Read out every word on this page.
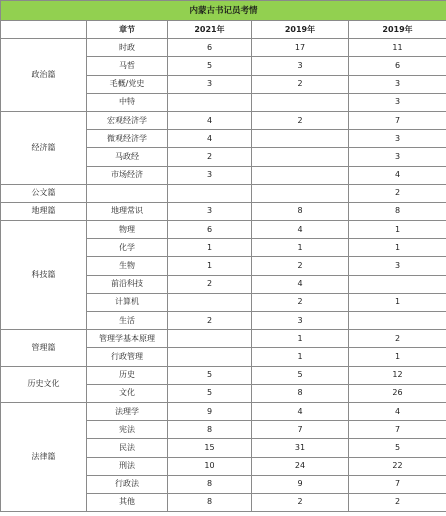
内蒙古书记员考情				
	章节	2021年	2019年	2019年
政治篇	时政	6	17	11
	马哲	5	3	6
	毛概/党史	3	2	3
	中特			3
经济篇	宏观经济学	4	2	7
	微观经济学	4		3
	马政经	2		3
	市场经济	3		4
公文篇				2
地理篇	地理常识	3	8	8
科技篇	物理	6	4	1
	化学	1	1	1
	生物	1	2	3
	前沿科技	2	4	
	计算机		2	1
	生活	2	3	
管理篇	管理学基本原理		1	2
	行政管理		1	1
历史文化	历史	5	5	12
	文化	5	8	26
法律篇	法理学	9	4	4
	宪法	8	7	7
	民法	15	31	5
	刑法	10	24	22
	行政法	8	9	7
	其他	8	2	2
